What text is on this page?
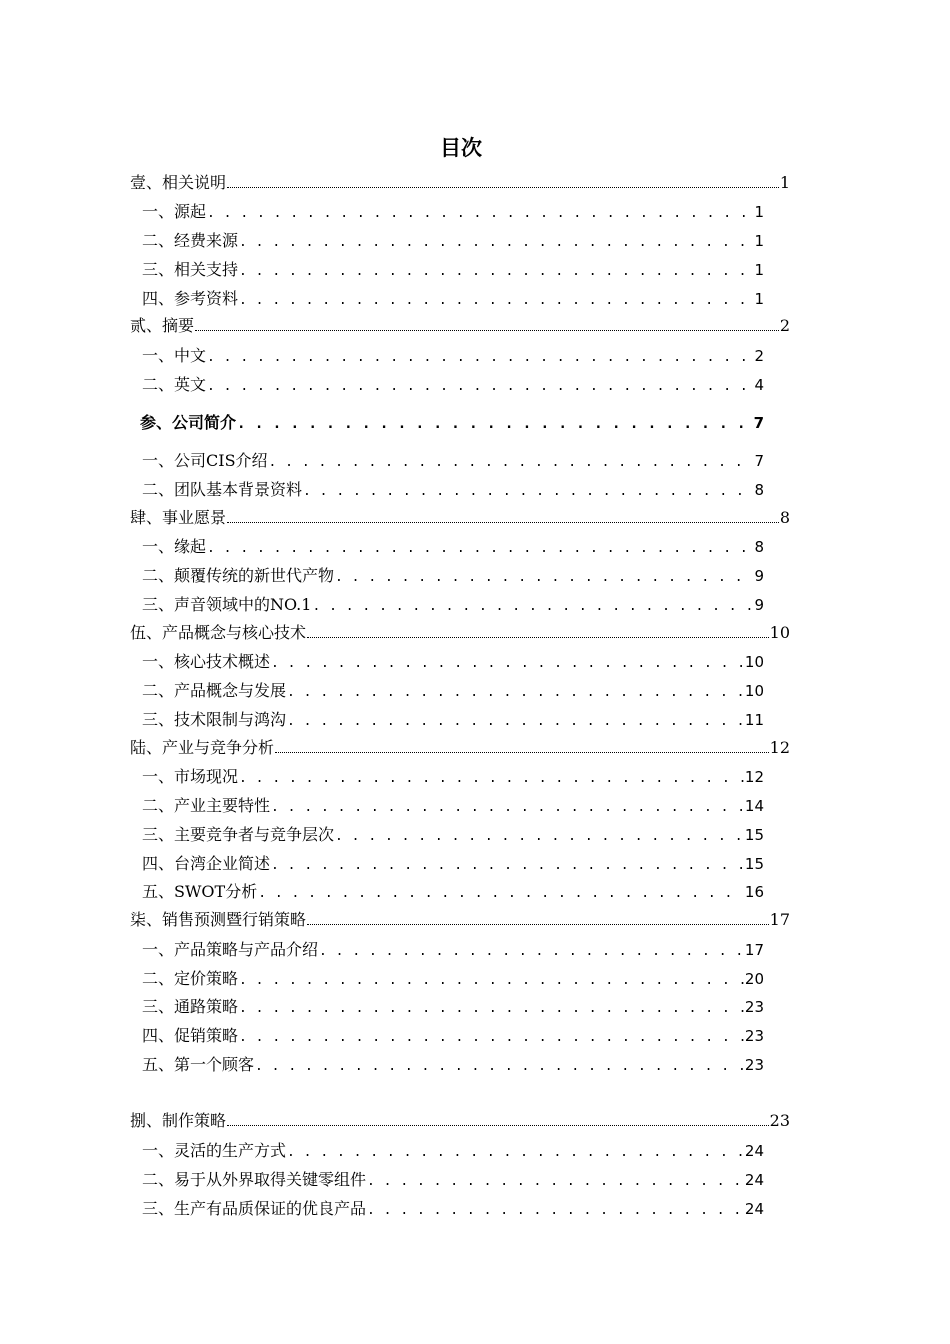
目次
壹、相关说明	1
一、源起 . . .	1
二、经费来源 . . .	1
三、相关支持 . . .	1
四、参考资料 . . .	1
贰、摘要	2
一、中文 . . .	2
二、英文 . . .	4
参、公司简介 . . .	7
一、公司CIS介绍 . . .	7
二、团队基本背景资料 . . .	8
肆、事业愿景	8
一、缘起 . . .	8
二、颠覆传统的新世代产物 . . .	9
三、声音领域中的NO.1 . . .	9
伍、产品概念与核心技术	10
一、核心技术概述 . . .	10
二、产品概念与发展 . . .	10
三、技术限制与鸿沟 . . .	11
陆、产业与竞争分析	12
一、市场现况 . . .	12
二、产业主要特性 . . .	14
三、主要竞争者与竞争层次 . . .	15
四、台湾企业简述 . . .	15
五、SWOT分析 . . .	16
柒、销售预测暨行销策略	17
一、产品策略与产品介绍 . . .	17
二、定价策略 . . .	20
三、通路策略 . . .	23
四、促销策略 . . .	23
五、第一个顾客 . . .	23
捌、制作策略	23
一、灵活的生产方式 . . .	24
二、易于从外界取得关键零组件 . . .	24
三、生产有品质保证的优良产品 . . .	24
